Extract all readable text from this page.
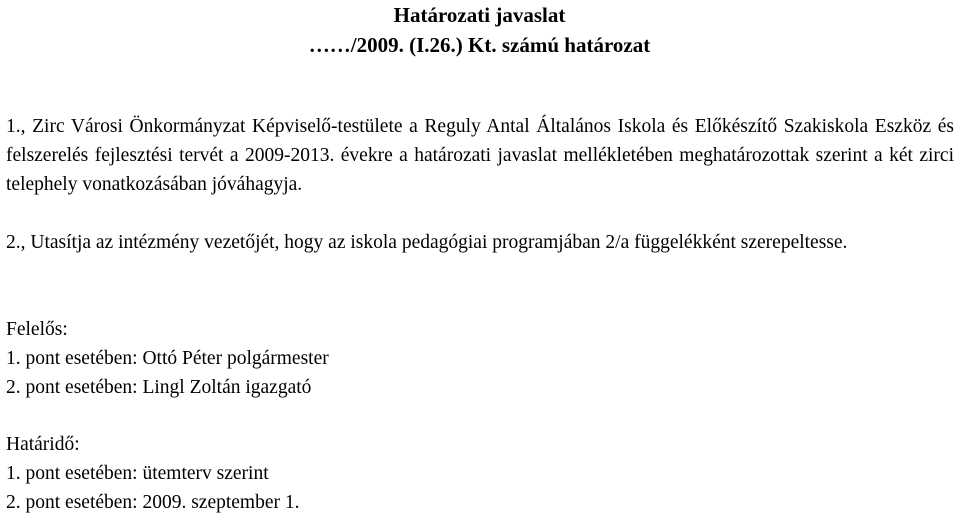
Határozati javaslat
……/2009. (I.26.) Kt. számú határozat
1., Zirc Városi Önkormányzat Képviselő-testülete a Reguly Antal Általános Iskola és Előkészítő Szakiskola Eszköz és felszerelés fejlesztési tervét a 2009-2013. évekre a határozati javaslat mellékletében meghatározottak szerint a két zirci telephely vonatkozásában jóváhagyja.
2., Utasítja az intézmény vezetőjét, hogy az iskola pedagógiai programjában 2/a függelékként szerepeltesse.
Felelős:
1. pont esetében: Ottó Péter polgármester
2. pont esetében: Lingl Zoltán igazgató
Határidő:
1. pont esetében: ütemterv szerint
2. pont esetében: 2009. szeptember 1.
